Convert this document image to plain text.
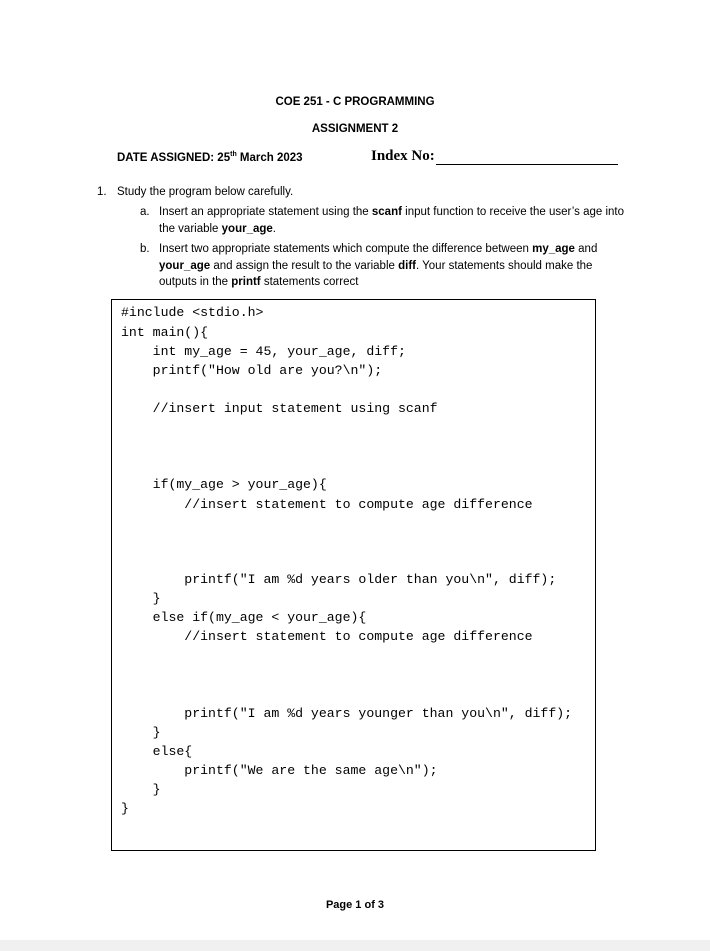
COE 251 - C PROGRAMMING
ASSIGNMENT 2
DATE ASSIGNED: 25th March 2023	Index No:
1. Study the program below carefully.
a. Insert an appropriate statement using the scanf input function to receive the user’s age into the variable your_age.
b. Insert two appropriate statements which compute the difference between my_age and your_age and assign the result to the variable diff. Your statements should make the outputs in the printf statements correct
#include <stdio.h>
int main(){
int my_age = 45, your_age, diff;
printf("How old are you?\n");
//insert input statement using scanf
if(my_age > your_age){
//insert statement to compute age difference
printf("I am %d years older than you\n", diff);
}
else if(my_age < your_age){
//insert statement to compute age difference
printf("I am %d years younger than you\n", diff);
}
else{
printf("We are the same age\n");
}
}
Page 1 of 3
